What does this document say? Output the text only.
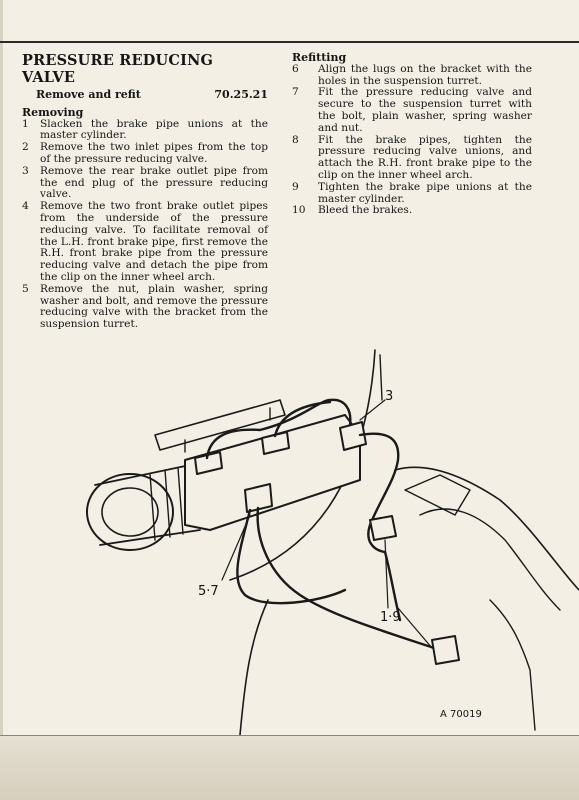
PRESSURE REDUCING VALVE
Remove and refit	70.25.21
Removing
1	Slacken the brake pipe unions at the master cylinder.
2	Remove the two inlet pipes from the top of the pressure reducing valve.
3	Remove the rear brake outlet pipe from the end plug of the pressure reducing valve.
4	Remove the two front brake outlet pipes from the underside of the pressure reducing valve. To facilitate removal of the L.H. front brake pipe, first remove the R.H. front brake pipe from the pressure reducing valve and detach the pipe from the clip on the inner wheel arch.
5	Remove the nut, plain washer, spring washer and bolt, and remove the pressure reducing valve with the bracket from the suspension turret.
Refitting
6	Align the lugs on the bracket with the holes in the suspension turret.
7	Fit the pressure reducing valve and secure to the suspension turret with the bolt, plain washer, spring washer and nut.
8	Fit the brake pipes, tighten the pressure reducing valve unions, and attach the R.H. front brake pipe to the clip on the inner wheel arch.
9	Tighten the brake pipe unions at the master cylinder.
10	Bleed the brakes.
3
5·7
1·9
A 70019
